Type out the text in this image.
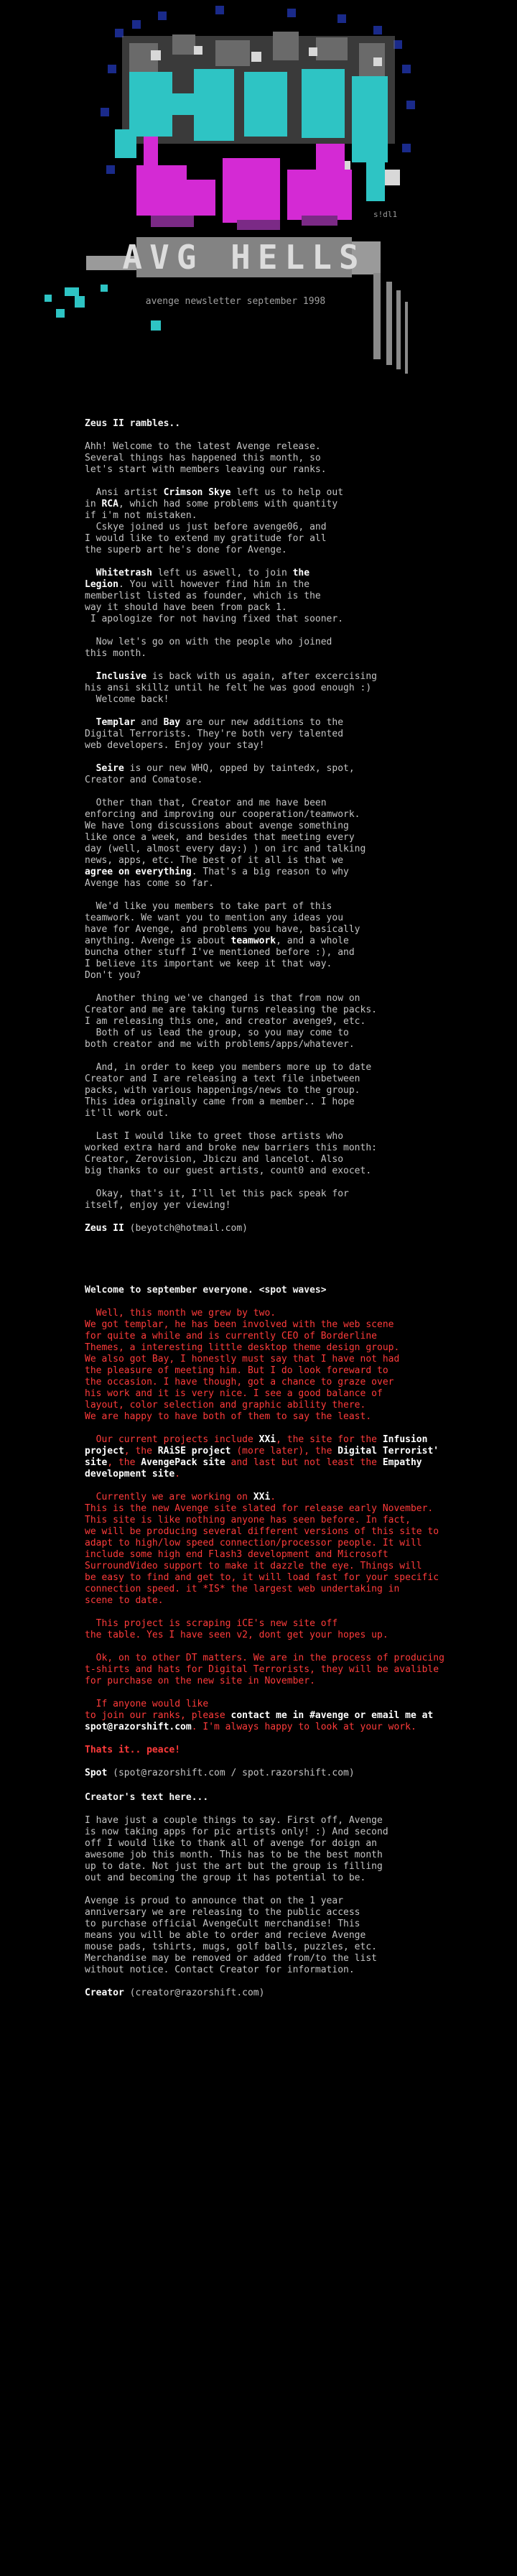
AVG HELLS
s!dl1
avenge newsletter september 1998
Zeus II rambles..
Ahh! Welcome to the latest Avenge release.
Several things has happened this month, so
let's start with members leaving our ranks.
Ansi artist Crimson Skye left us to help out
in RCA, which had some problems with quantity
if i'm not mistaken.
Cskye joined us just before avenge06, and
I would like to extend my gratitude for all
the superb art he's done for Avenge.
Whitetrash left us aswell, to join the
Legion. You will however find him in the
memberlist listed as founder, which is the
way it should have been from pack 1.
I apologize for not having fixed that sooner.
Now let's go on with the people who joined
this month.
Inclusive is back with us again, after excercising
his ansi skillz until he felt he was good enough :)
Welcome back!
Templar and Bay are our new additions to the
Digital Terrorists. They're both very talented
web developers. Enjoy your stay!
Seire is our new WHQ, opped by taintedx, spot,
Creator and Comatose.
Other than that, Creator and me have been
enforcing and improving our cooperation/teamwork.
We have long discussions about avenge something
like once a week, and besides that meeting every
day (well, almost every day:) ) on irc and talking
news, apps, etc. The best of it all is that we
agree on everything. That's a big reason to why
Avenge has come so far.
We'd like you members to take part of this
teamwork. We want you to mention any ideas you
have for Avenge, and problems you have, basically
anything. Avenge is about teamwork, and a whole
buncha other stuff I've mentioned before :), and
I believe its important we keep it that way.
Don't you?
Another thing we've changed is that from now on
Creator and me are taking turns releasing the packs.
I am releasing this one, and creator avenge9, etc.
Both of us lead the group, so you may come to
both creator and me with problems/apps/whatever.
And, in order to keep you members more up to date
Creator and I are releasing a text file inbetween
packs, with various happenings/news to the group.
This idea originally came from a member.. I hope
it'll work out.
Last I would like to greet those artists who
worked extra hard and broke new barriers this month:
Creator, Zerovision, Jbiczu and lancelot. Also
big thanks to our guest artists, count0 and exocet.
Okay, that's it, I'll let this pack speak for
itself, enjoy yer viewing!
Zeus II (beyotch@hotmail.com)
Welcome to september everyone. <spot waves>
Well, this month we grew by two.
We got templar, he has been involved with the web scene
for quite a while and is currently CEO of Borderline
Themes, a interesting little desktop theme design group.
We also got Bay, I honestly must say that I have not had
the pleasure of meeting him. But I do look foreward to
the occasion. I have though, got a chance to graze over
his work and it is very nice. I see a good balance of
layout, color selection and graphic ability there.
We are happy to have both of them to say the least.
Our current projects include XXi, the site for the Infusion
project, the RAiSE project (more later), the Digital Terrorist'
site, the AvengePack site and last but not least the Empathy
development site.
Currently we are working on XXi.
This is the new Avenge site slated for release early November.
This site is like nothing anyone has seen before. In fact,
we will be producing several different versions of this site to
adapt to high/low speed connection/processor people. It will
include some high end Flash3 development and Microsoft
SurroundVideo support to make it dazzle the eye. Things will
be easy to find and get to, it will load fast for your specific
connection speed. it *IS* the largest web undertaking in
scene to date.
This project is scraping iCE's new site off
the table. Yes I have seen v2, dont get your hopes up.
Ok, on to other DT matters. We are in the process of producing
t-shirts and hats for Digital Terrorists, they will be avalible
for purchase on the new site in November.
If anyone would like
to join our ranks, please contact me in #avenge or email me at
spot@razorshift.com. I'm always happy to look at your work.
Thats it.. peace!
Spot (spot@razorshift.com / spot.razorshift.com)
Creator's text here...
I have just a couple things to say. First off, Avenge
is now taking apps for pic artists only! :) And second
off I would like to thank all of avenge for doign an
awesome job this month. This has to be the best month
up to date. Not just the art but the group is filling
out and becoming the group it has potential to be.
Avenge is proud to announce that on the 1 year
anniversary we are releasing to the public access
to purchase official AvengeCult merchandise! This
means you will be able to order and recieve Avenge
mouse pads, tshirts, mugs, golf balls, puzzles, etc.
Merchandise may be removed or added from/to the list
without notice. Contact Creator for information.
Creator (creator@razorshift.com)
